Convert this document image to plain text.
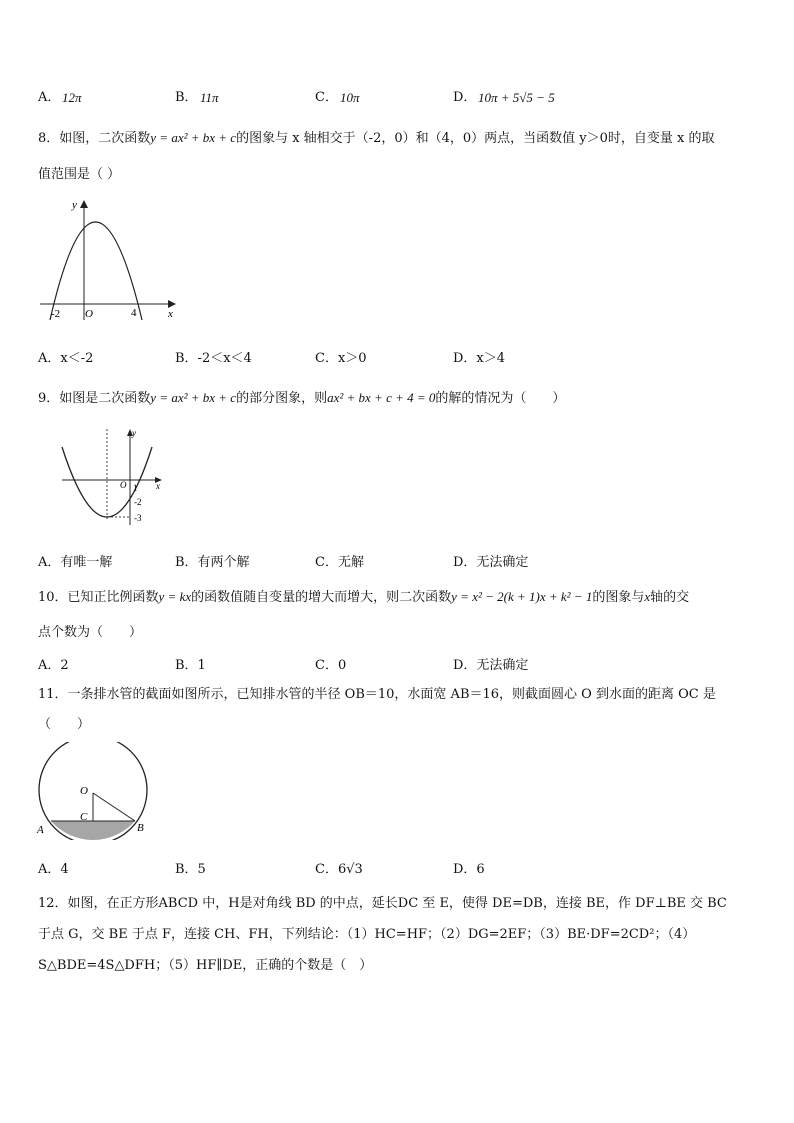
A． 12π	B． 11π	C． 10π	D． 10π + 5√5 − 5
8．如图，二次函数y = ax² + bx + c的图象与 x 轴相交于（-2，0）和（4，0）两点，当函数值 y＞0时，自变量 x 的取
值范围是（ ）
y
x
O
-2	4
A．x＜-2	B．-2＜x＜4	C．x＞0	D．x＞4
9．如图是二次函数y = ax² + bx + c的部分图象，则ax² + bx + c + 4 = 0的解的情况为（　　）
y
x
O 1
-2
-3
A．有唯一解	B．有两个解	C．无解	D．无法确定
10．已知正比例函数y = kx的函数值随自变量的增大而增大，则二次函数y = x² − 2(k + 1)x + k² − 1的图象与x轴的交
点个数为（　　）
A．2	B．1	C．0	D．无法确定
11．一条排水管的截面如图所示，已知排水管的半径 OB＝10，水面宽 AB＝16，则截面圆心 O 到水面的距离 OC 是
（　　）
O
C
A	B
A．4	B．5	C．6√3	D．6
12．如图，在正方形ABCD 中，H是对角线 BD 的中点，延长DC 至 E，使得 DE=DB，连接 BE，作 DF⊥BE 交 BC
于点 G，交 BE 于点 F，连接 CH、FH，下列结论：（1）HC=HF；（2）DG=2EF；（3）BE·DF=2CD²；（4）
S△BDE=4S△DFH；（5）HF∥DE，正确的个数是（　）
